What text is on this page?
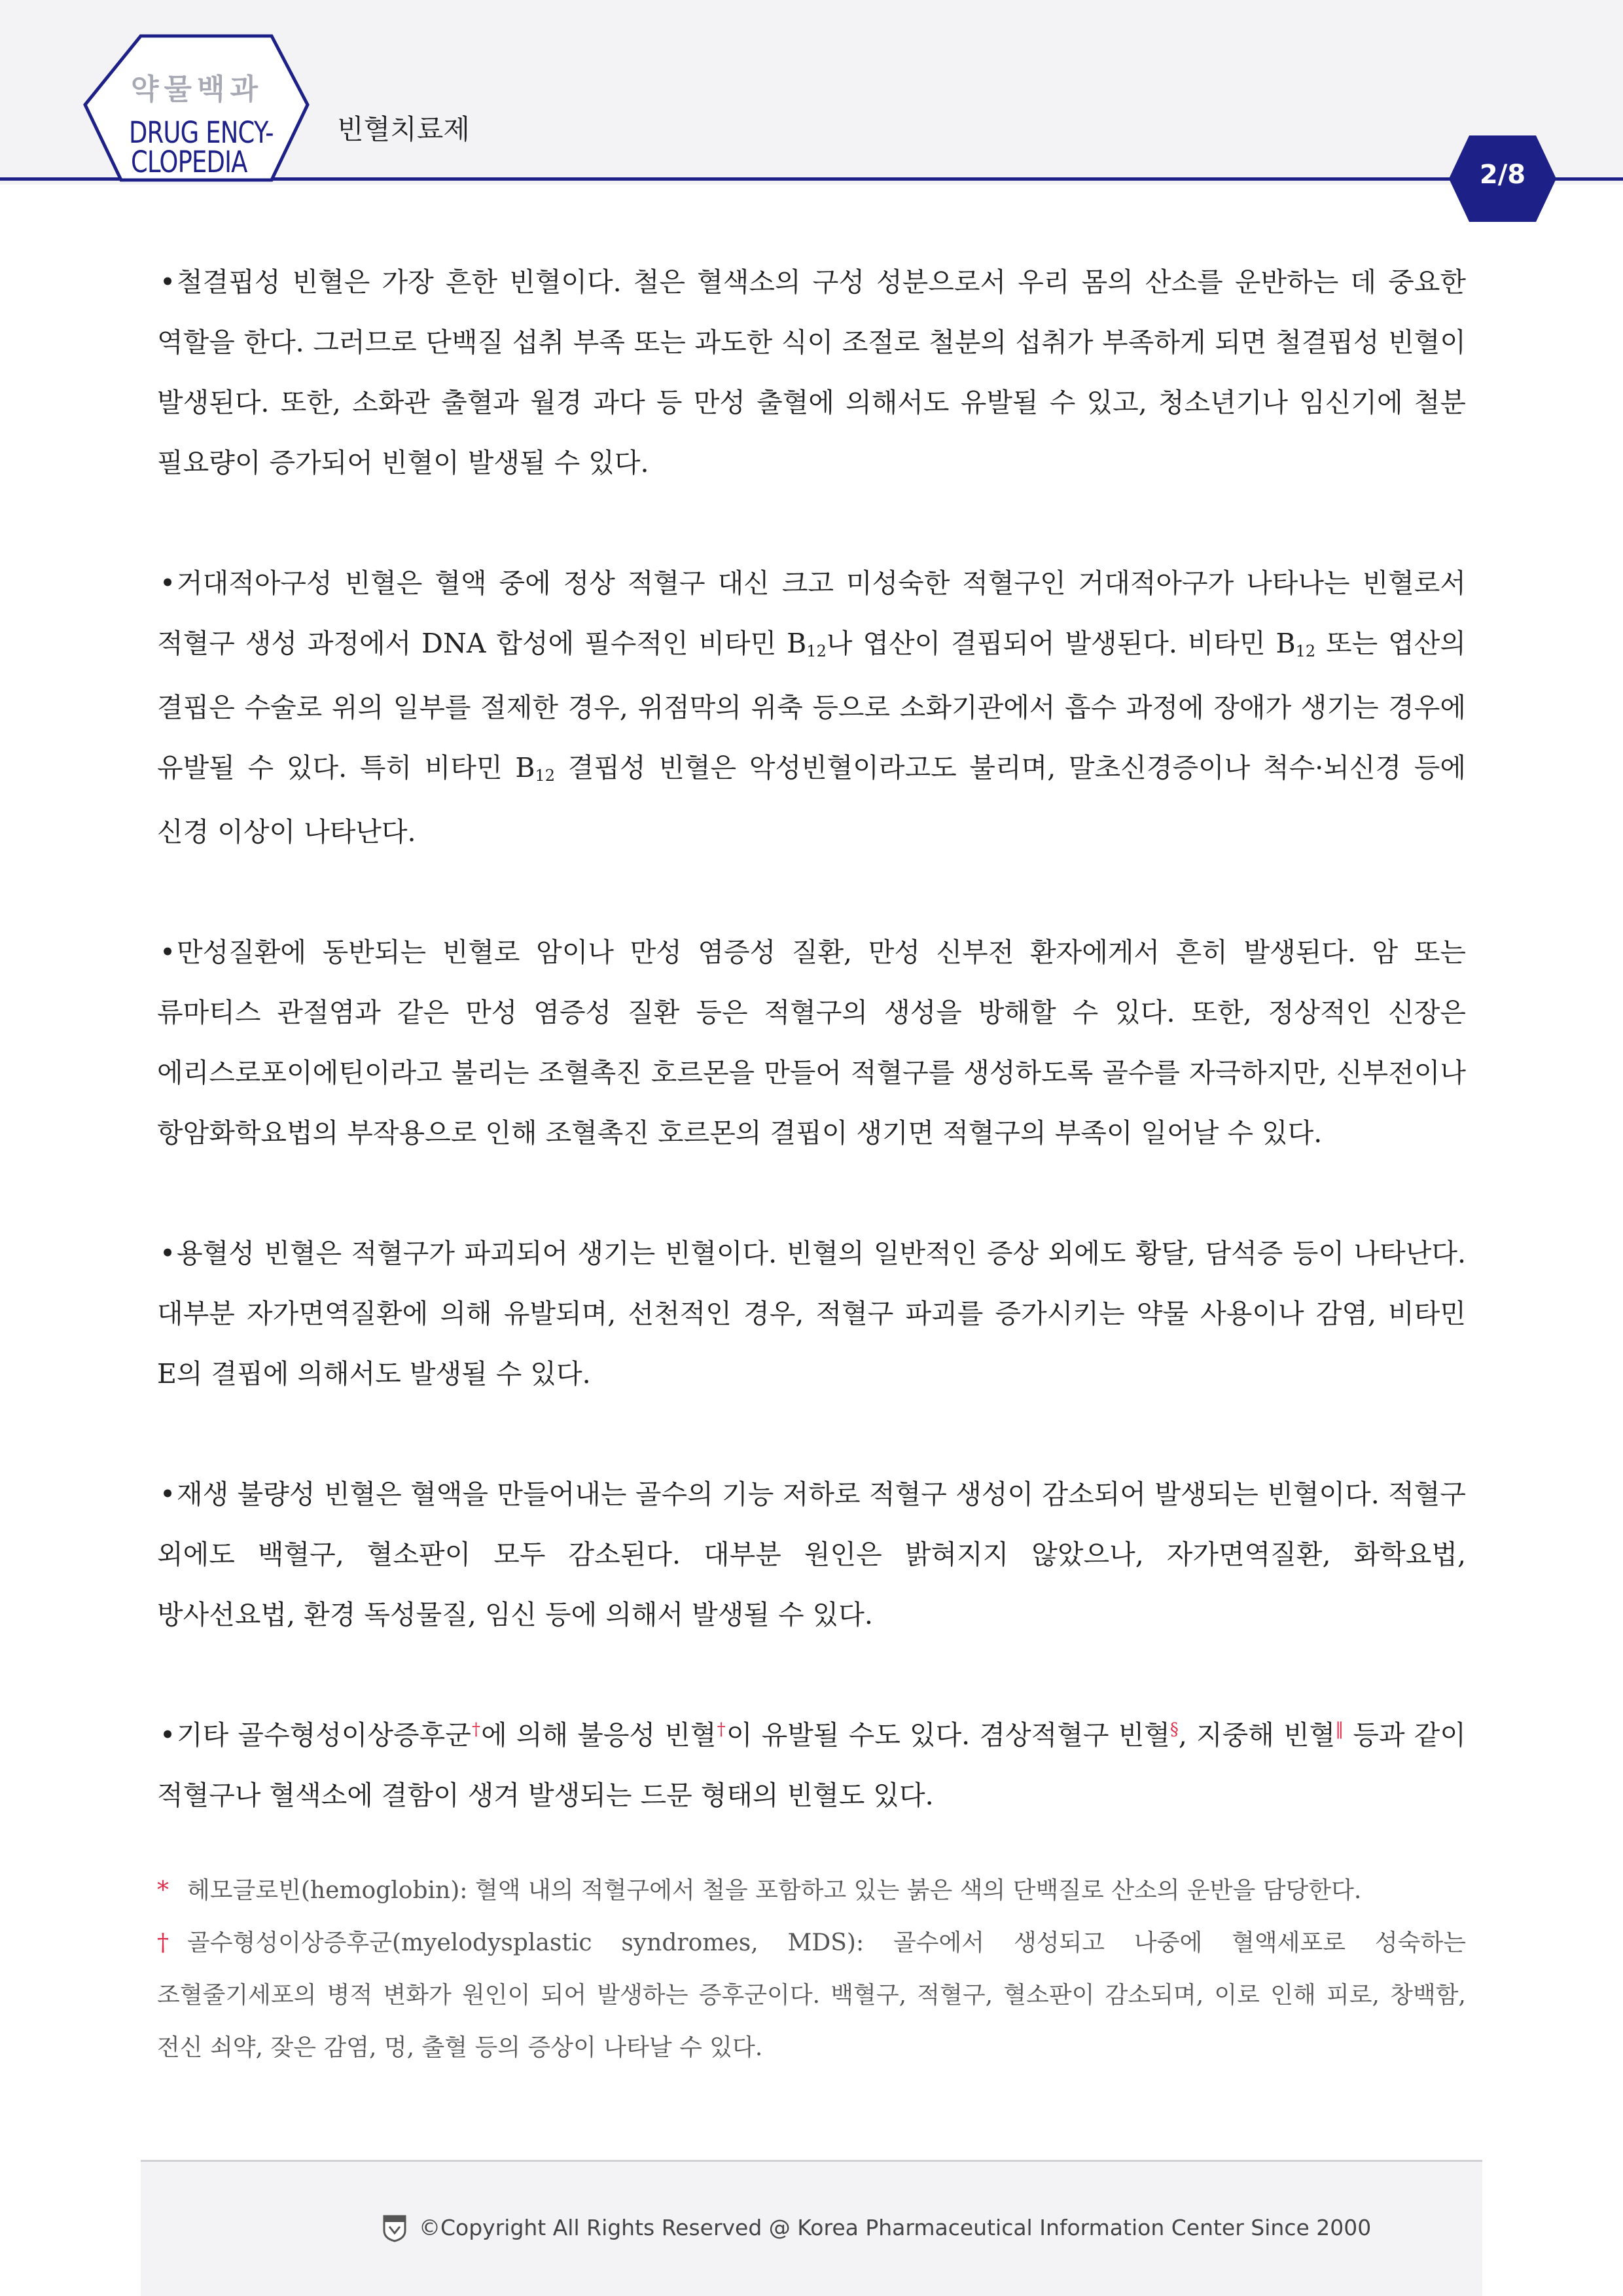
약물백과
DRUG ENCY-
CLOPEDIA
빈혈치료제
2/8

• 철결핍성 빈혈은 가장 흔한 빈혈이다. 철은 혈색소의 구성 성분으로서 우리 몸의 산소를 운반하는 데 중요한 역할을 한다. 그러므로 단백질 섭취 부족 또는 과도한 식이 조절로 철분의 섭취가 부족하게 되면 철결핍성 빈혈이 발생된다. 또한, 소화관 출혈과 월경 과다 등 만성 출혈에 의해서도 유발될 수 있고, 청소년기나 임신기에 철분 필요량이 증가되어 빈혈이 발생될 수 있다.

• 거대적아구성 빈혈은 혈액 중에 정상 적혈구 대신 크고 미성숙한 적혈구인 거대적아구가 나타나는 빈혈로서 적혈구 생성 과정에서 DNA 합성에 필수적인 비타민 $B_{12}$나 엽산이 결핍되어 발생된다. 비타민 $B_{12}$ 또는 엽산의 결핍은 수술로 위의 일부를 절제한 경우, 위점막의 위축 등으로 소화기관에서 흡수 과정에 장애가 생기는 경우에 유발될 수 있다. 특히 비타민 $B_{12}$ 결핍성 빈혈은 악성빈혈이라고도 불리며, 말초신경증이나 척수·뇌신경 등에 신경 이상이 나타난다.

• 만성질환에 동반되는 빈혈로 암이나 만성 염증성 질환, 만성 신부전 환자에게서 흔히 발생된다. 암 또는 류마티스 관절염과 같은 만성 염증성 질환 등은 적혈구의 생성을 방해할 수 있다. 또한, 정상적인 신장은 에리스로포이에틴이라고 불리는 조혈촉진 호르몬을 만들어 적혈구를 생성하도록 골수를 자극하지만, 신부전이나 항암화학요법의 부작용으로 인해 조혈촉진 호르몬의 결핍이 생기면 적혈구의 부족이 일어날 수 있다.

• 용혈성 빈혈은 적혈구가 파괴되어 생기는 빈혈이다. 빈혈의 일반적인 증상 외에도 황달, 담석증 등이 나타난다. 대부분 자가면역질환에 의해 유발되며, 선천적인 경우, 적혈구 파괴를 증가시키는 약물 사용이나 감염, 비타민 E의 결핍에 의해서도 발생될 수 있다.

• 재생 불량성 빈혈은 혈액을 만들어내는 골수의 기능 저하로 적혈구 생성이 감소되어 발생되는 빈혈이다. 적혈구 외에도 백혈구, 혈소판이 모두 감소된다. 대부분 원인은 밝혀지지 않았으나, 자가면역질환, 화학요법, 방사선요법, 환경 독성물질, 임신 등에 의해서 발생될 수 있다.

• 기타 골수형성이상증후군†에 의해 불응성 빈혈†이 유발될 수도 있다. 겸상적혈구 빈혈§, 지중해 빈혈‖ 등과 같이 적혈구나 혈색소에 결함이 생겨 발생되는 드문 형태의 빈혈도 있다.

* 헤모글로빈(hemoglobin): 혈액 내의 적혈구에서 철을 포함하고 있는 붉은 색의 단백질로 산소의 운반을 담당한다.
† 골수형성이상증후군(myelodysplastic syndromes, MDS): 골수에서 생성되고 나중에 혈액세포로 성숙하는 조혈줄기세포의 병적 변화가 원인이 되어 발생하는 증후군이다. 백혈구, 적혈구, 혈소판이 감소되며, 이로 인해 피로, 창백함, 전신 쇠약, 잦은 감염, 멍, 출혈 등의 증상이 나타날 수 있다.
©Copyright All Rights Reserved @ Korea Pharmaceutical Information Center Since 2000
